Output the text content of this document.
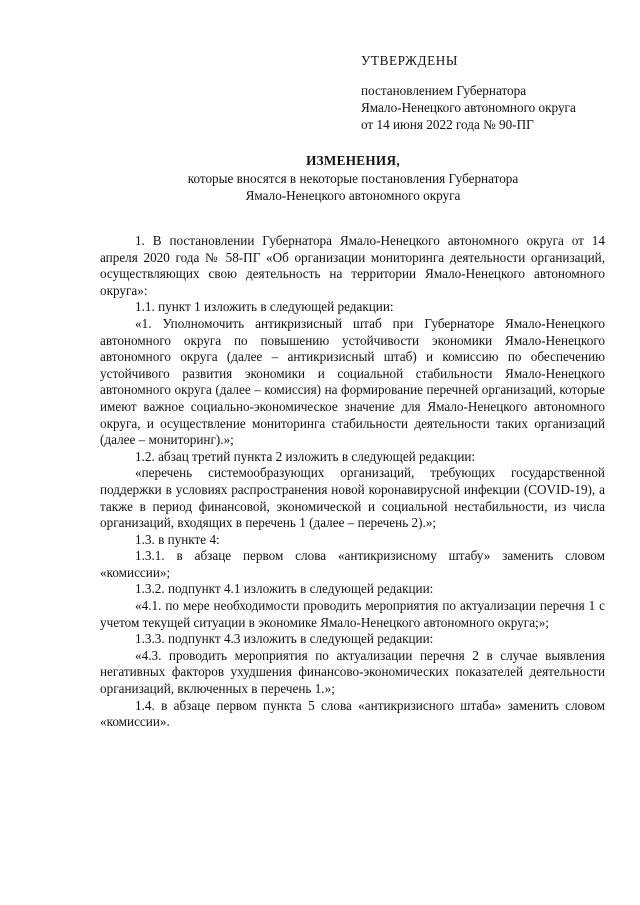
УТВЕРЖДЕНЫ
постановлением Губернатора
Ямало-Ненецкого автономного округа
от 14 июня 2022 года № 90-ПГ
ИЗМЕНЕНИЯ,
которые вносятся в некоторые постановления Губернатора
Ямало-Ненецкого автономного округа

1. В постановлении Губернатора Ямало-Ненецкого автономного округа от 14 апреля 2020 года № 58-ПГ «Об организации мониторинга деятельности организаций, осуществляющих свою деятельность на территории Ямало-Ненецкого автономного округа»:

1.1. пункт 1 изложить в следующей редакции:

«1. Уполномочить антикризисный штаб при Губернаторе Ямало-Ненецкого автономного округа по повышению устойчивости экономики Ямало-Ненецкого автономного округа (далее – антикризисный штаб) и комиссию по обеспечению устойчивого развития экономики и социальной стабильности Ямало-Ненецкого автономного округа (далее – комиссия) на формирование перечней организаций, которые имеют важное социально-экономическое значение для Ямало-Ненецкого автономного округа, и осуществление мониторинга стабильности деятельности таких организаций (далее – мониторинг).»;

1.2. абзац третий пункта 2 изложить в следующей редакции:

«перечень системообразующих организаций, требующих государственной поддержки в условиях распространения новой коронавирусной инфекции (COVID-19), а также в период финансовой, экономической и социальной нестабильности, из числа организаций, входящих в перечень 1 (далее – перечень 2).»;

1.3. в пункте 4:

1.3.1. в абзаце первом слова «антикризисному штабу» заменить словом «комиссии»;

1.3.2. подпункт 4.1 изложить в следующей редакции:

«4.1. по мере необходимости проводить мероприятия по актуализации перечня 1 с учетом текущей ситуации в экономике Ямало-Ненецкого автономного округа;»;

1.3.3. подпункт 4.3 изложить в следующей редакции:

«4.3. проводить мероприятия по актуализации перечня 2 в случае выявления негативных факторов ухудшения финансово-экономических показателей деятельности организаций, включенных в перечень 1.»;

1.4. в абзаце первом пункта 5 слова «антикризисного штаба» заменить словом «комиссии».
